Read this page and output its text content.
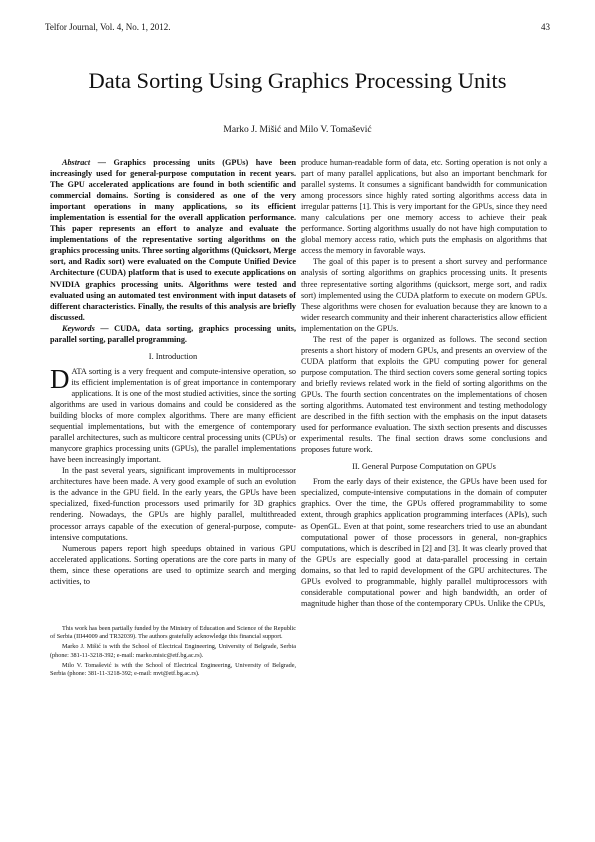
Telfor Journal, Vol. 4, No. 1, 2012.	43
Data Sorting Using Graphics Processing Units
Marko J. Mišić and Milo V. Tomašević

Abstract — Graphics processing units (GPUs) have been increasingly used for general-purpose computation in recent years. The GPU accelerated applications are found in both scientific and commercial domains. Sorting is considered as one of the very important operations in many applications, so its efficient implementation is essential for the overall application performance. This paper represents an effort to analyze and evaluate the implementations of the representative sorting algorithms on the graphics processing units. Three sorting algorithms (Quicksort, Merge sort, and Radix sort) were evaluated on the Compute Unified Device Architecture (CUDA) platform that is used to execute applications on NVIDIA graphics processing units. Algorithms were tested and evaluated using an automated test environment with input datasets of different characteristics. Finally, the results of this analysis are briefly discussed.

Keywords — CUDA, data sorting, graphics processing units, parallel sorting, parallel programming.

I. Introduction

DATA sorting is a very frequent and compute-intensive operation, so its efficient implementation is of great importance in contemporary applications. It is one of the most studied activities, since the sorting algorithms are used in various domains and could be considered as the building blocks of more complex algorithms. There are many efficient sequential implementations, but with the emergence of contemporary parallel architectures, such as multicore central processing units (CPUs) or manycore graphics processing units (GPUs), the parallel implementations have been increasingly important.

In the past several years, significant improvements in multiprocessor architectures have been made. A very good example of such an evolution is the advance in the GPU field. In the early years, the GPUs have been specialized, fixed-function processors used primarily for 3D graphics rendering. Nowadays, the GPUs are highly parallel, multithreaded processor arrays capable of the execution of general-purpose, compute-intensive computations.

Numerous papers report high speedups obtained in various GPU accelerated applications. Sorting operations are the core parts in many of them, since these operations are used to optimize search and merging activities, to

This work has been partially funded by the Ministry of Education and Science of the Republic of Serbia (III44009 and TR32039). The authors gratefully acknowledge this financial support.

Marko J. Mišić is with the School of Electrical Engineering, University of Belgrade, Serbia (phone: 381-11-3218-392; e-mail: marko.misic@etf.bg.ac.rs).

Milo V. Tomašević is with the School of Electrical Engineering, University of Belgrade, Serbia (phone: 381-11-3218-392; e-mail: mvt@etf.bg.ac.rs).

produce human-readable form of data, etc. Sorting operation is not only a part of many parallel applications, but also an important benchmark for parallel systems. It consumes a significant bandwidth for communication among processors since highly rated sorting algorithms access data in irregular patterns [1]. This is very important for the GPUs, since they need many calculations per one memory access to achieve their peak performance. Sorting algorithms usually do not have high computation to global memory access ratio, which puts the emphasis on algorithms that access the memory in favorable ways.

The goal of this paper is to present a short survey and performance analysis of sorting algorithms on graphics processing units. It presents three representative sorting algorithms (quicksort, merge sort, and radix sort) implemented using the CUDA platform to execute on modern GPUs. These algorithms were chosen for evaluation because they are known to a wider research community and their inherent characteristics allow efficient implementation on the GPUs.

The rest of the paper is organized as follows. The second section presents a short history of modern GPUs, and presents an overview of the CUDA platform that exploits the GPU computing power for general purpose computation. The third section covers some general sorting topics and briefly reviews related work in the field of sorting algorithms on the GPUs. The fourth section concentrates on the implementations of chosen sorting algorithms. Automated test environment and testing methodology are described in the fifth section with the emphasis on the input datasets used for performance evaluation. The sixth section presents and discusses experimental results. The final section draws some conclusions and proposes future work.

II. General Purpose Computation on GPUs

From the early days of their existence, the GPUs have been used for specialized, compute-intensive computations in the domain of computer graphics. Over the time, the GPUs offered programmability to some extent, through graphics application programming interfaces (APIs), such as OpenGL. Even at that point, some researchers tried to use an abundant computational power of those processors in general, non-graphics computations, which is described in [2] and [3]. It was clearly proved that the GPUs are especially good at data-parallel processing in certain domains, so that led to rapid development of the GPU architectures. The GPUs evolved to programmable, highly parallel multiprocessors with considerable computational power and high bandwidth, an order of magnitude higher than those of the contemporary CPUs. Unlike the CPUs,
